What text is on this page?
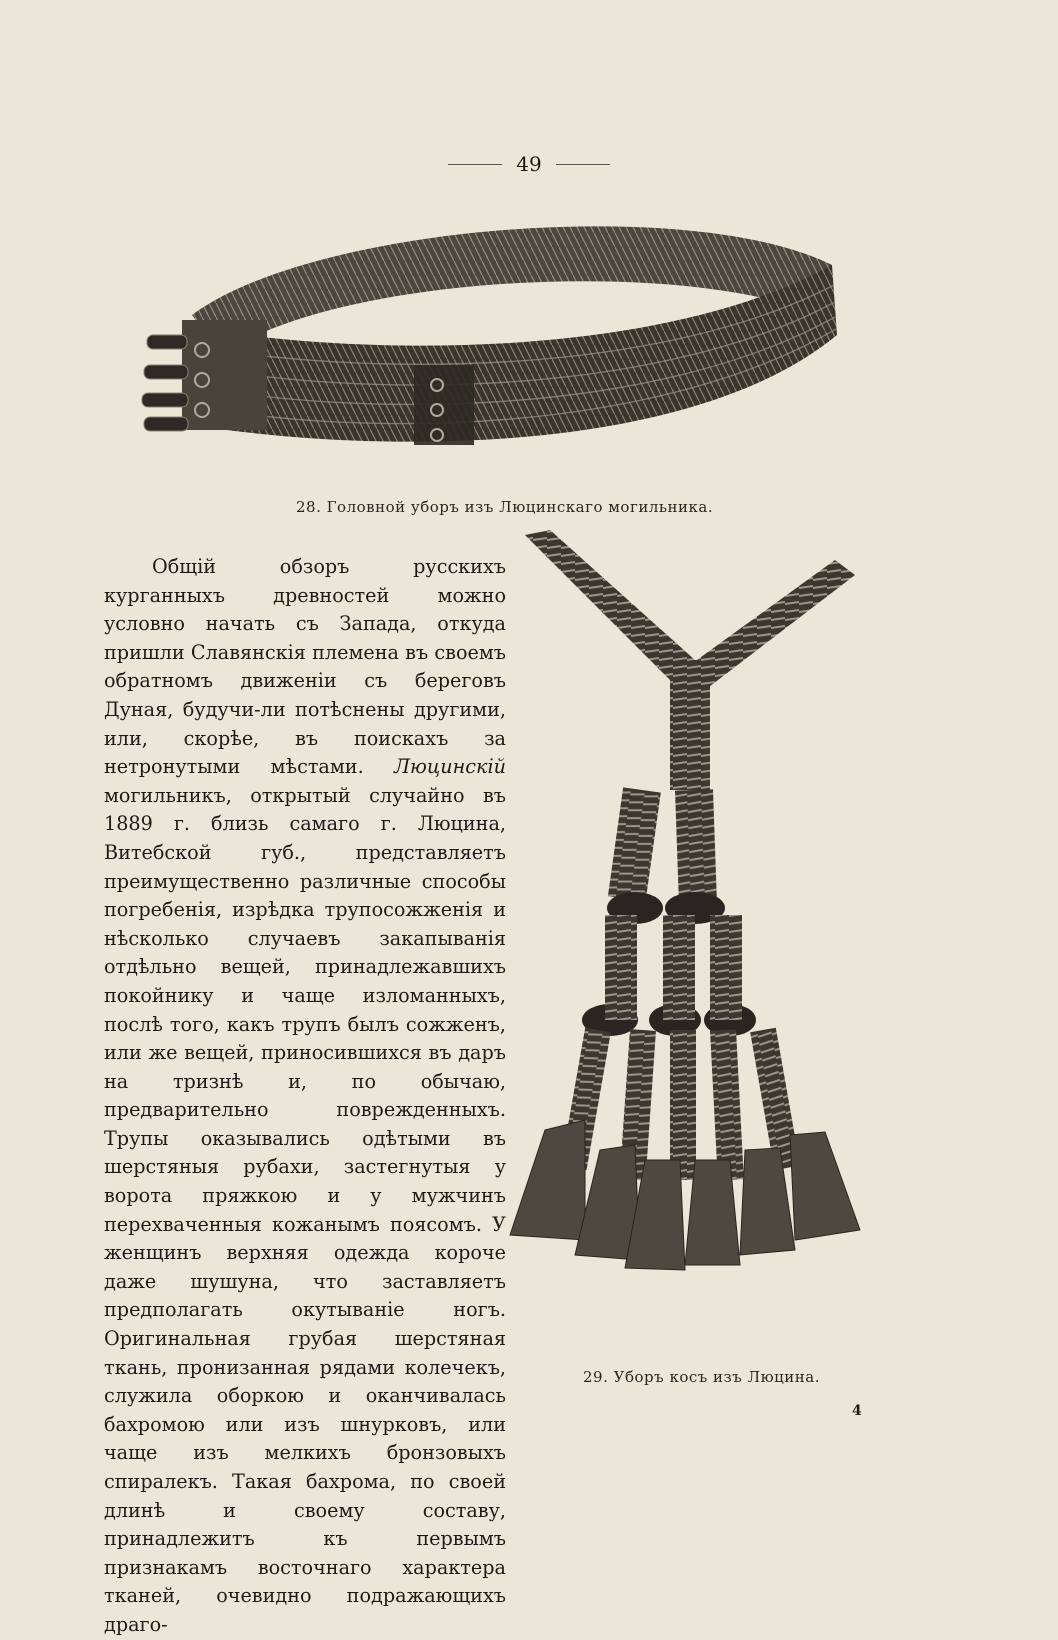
49
28. Головной уборъ изъ Люцинскаго могильника.

Общій обзоръ русскихъ курганныхъ древностей можно условно начать съ Запада, откуда пришли Славянскія племена въ своемъ обратномъ движеніи съ береговъ Дуная, будучи-ли потѣснены другими, или, скорѣе, въ поискахъ за нетронутыми мѣстами. Люцинскій могильникъ, открытый случайно въ 1889 г. близь самаго г. Люцина, Витебской губ., представляетъ преимущественно различные способы погребенія, изрѣдка трупосожженія и нѣсколько случаевъ закапыванія отдѣльно вещей, принадлежавшихъ покойнику и чаще изломанныхъ, послѣ того, какъ трупъ былъ сожженъ, или же вещей, приносившихся въ даръ на тризнѣ и, по обычаю, предварительно поврежденныхъ. Трупы оказывались одѣтыми въ шерстяныя рубахи, застегнутыя у ворота пряжкою и у мужчинъ перехваченныя кожанымъ поясомъ. У женщинъ верхняя одежда короче даже шушуна, что заставляетъ предполагать окутываніе ногъ. Оригинальная грубая шерстяная ткань, пронизанная рядами колечекъ, служила оборкою и оканчивалась бахромою или изъ шнурковъ, или чаще изъ мелкихъ бронзовыхъ спиралекъ. Такая бахрома, по своей длинѣ и своему составу, принадлежитъ къ первымъ признакамъ восточнаго характера тканей, очевидно подражающихъ драго-

29. Уборъ косъ изъ Люцина.
4
